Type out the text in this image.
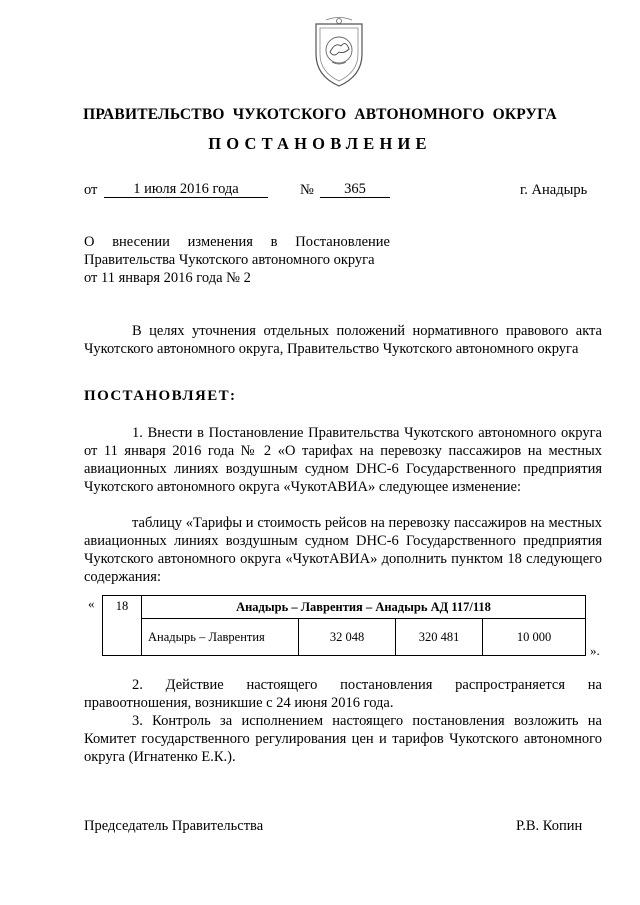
ПРАВИТЕЛЬСТВО ЧУКОТСКОГО АВТОНОМНОГО ОКРУГА
ПОСТАНОВЛЕНИЕ
от	1 июля 2016 года	№	365	г. Анадырь
О внесении изменения в Постановление
Правительства Чукотского автономного округа
от 11 января 2016 года № 2
В целях уточнения отдельных положений нормативного правового акта Чукотского автономного округа, Правительство Чукотского автономного округа
ПОСТАНОВЛЯЕТ:
1. Внести в Постановление Правительства Чукотского автономного округа от 11 января 2016 года № 2 «О тарифах на перевозку пассажиров на местных авиационных линиях воздушным судном DHC-6 Государственного предприятия Чукотского автономного округа «ЧукотАВИА» следующее изменение:
таблицу «Тарифы и стоимость рейсов на перевозку пассажиров на местных авиационных линиях воздушным судном DHC-6 Государственного предприятия Чукотского автономного округа «ЧукотАВИА» дополнить пунктом 18 следующего содержания:
« 18	Анадырь – Лаврентия – Анадырь АД 117/118			
	Анадырь – Лаврентия	32 048	320 481	10 000
».
2. Действие настоящего постановления распространяется на правоотношения, возникшие с 24 июня 2016 года.
3. Контроль за исполнением настоящего постановления возложить на Комитет государственного регулирования цен и тарифов Чукотского автономного округа (Игнатенко Е.К.).
Председатель Правительства	Р.В. Копин
